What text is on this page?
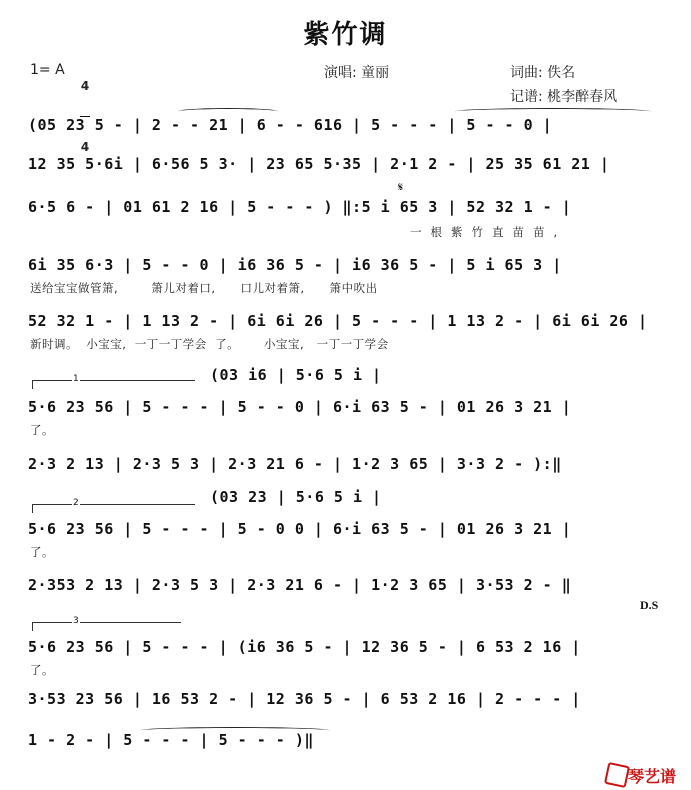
紫竹调
1= A

4

4

演唱: 童丽	词曲: 佚名
记谱: 桃李醉春风
(05 23 5 - | 2 - - 21 | 6 - - 616 | 5 - - - | 5 - - 0 |
12 35 5·6i | 6·56 5 3· | 23 65 5·35 | 2·1 2 - | 25 35 61 21 |
𝄋
6·5 6 - | 01 61 2 16 | 5 - - - ) ‖:5 i 65 3 | 52 32 1 - |
一根紫竹直苗苗,
6i 35 6·3 | 5 - - 0 | i6 36 5 - | i6 36 5 - | 5 i 65 3 |
送给宝宝做管箫,        箫儿对着口,      口儿对着箫,      箫中吹出
52 32 1 - | 1 13 2 - | 6i 6i 26 | 5 - - - | 1 13 2 - | 6i 6i 26 |
新时调。  小宝宝,  一丁一丁学会  了。      小宝宝,   一丁一丁学会
1	(03 i6 | 5·6 5 i |
5·6 23 56 | 5 - - - | 5 - - 0 | 6·i 63 5 - | 01 26 3 21 |
了。
2·3 2 13 | 2·3 5 3 | 2·3 21 6 - | 1·2 3 65 | 3·3 2 - ):‖
2	(03 23 | 5·6 5 i |
5·6 23 56 | 5 - - - | 5 - 0 0 | 6·i 63 5 - | 01 26 3 21 |
了。
2·353 2 13 | 2·3 5 3 | 2·3 21 6 - | 1·2 3 65 | 3·53 2 - ‖
D.S
3
5·6 23 56 | 5 - - - | (i6 36 5 - | 12 36 5 - | 6 53 2 16 |
了。
3·53 23 56 | 16 53 2 - | 12 36 5 - | 6 53 2 16 | 2 - - - |
1 - 2 - | 5 - - - | 5 - - - )‖
琴艺谱
